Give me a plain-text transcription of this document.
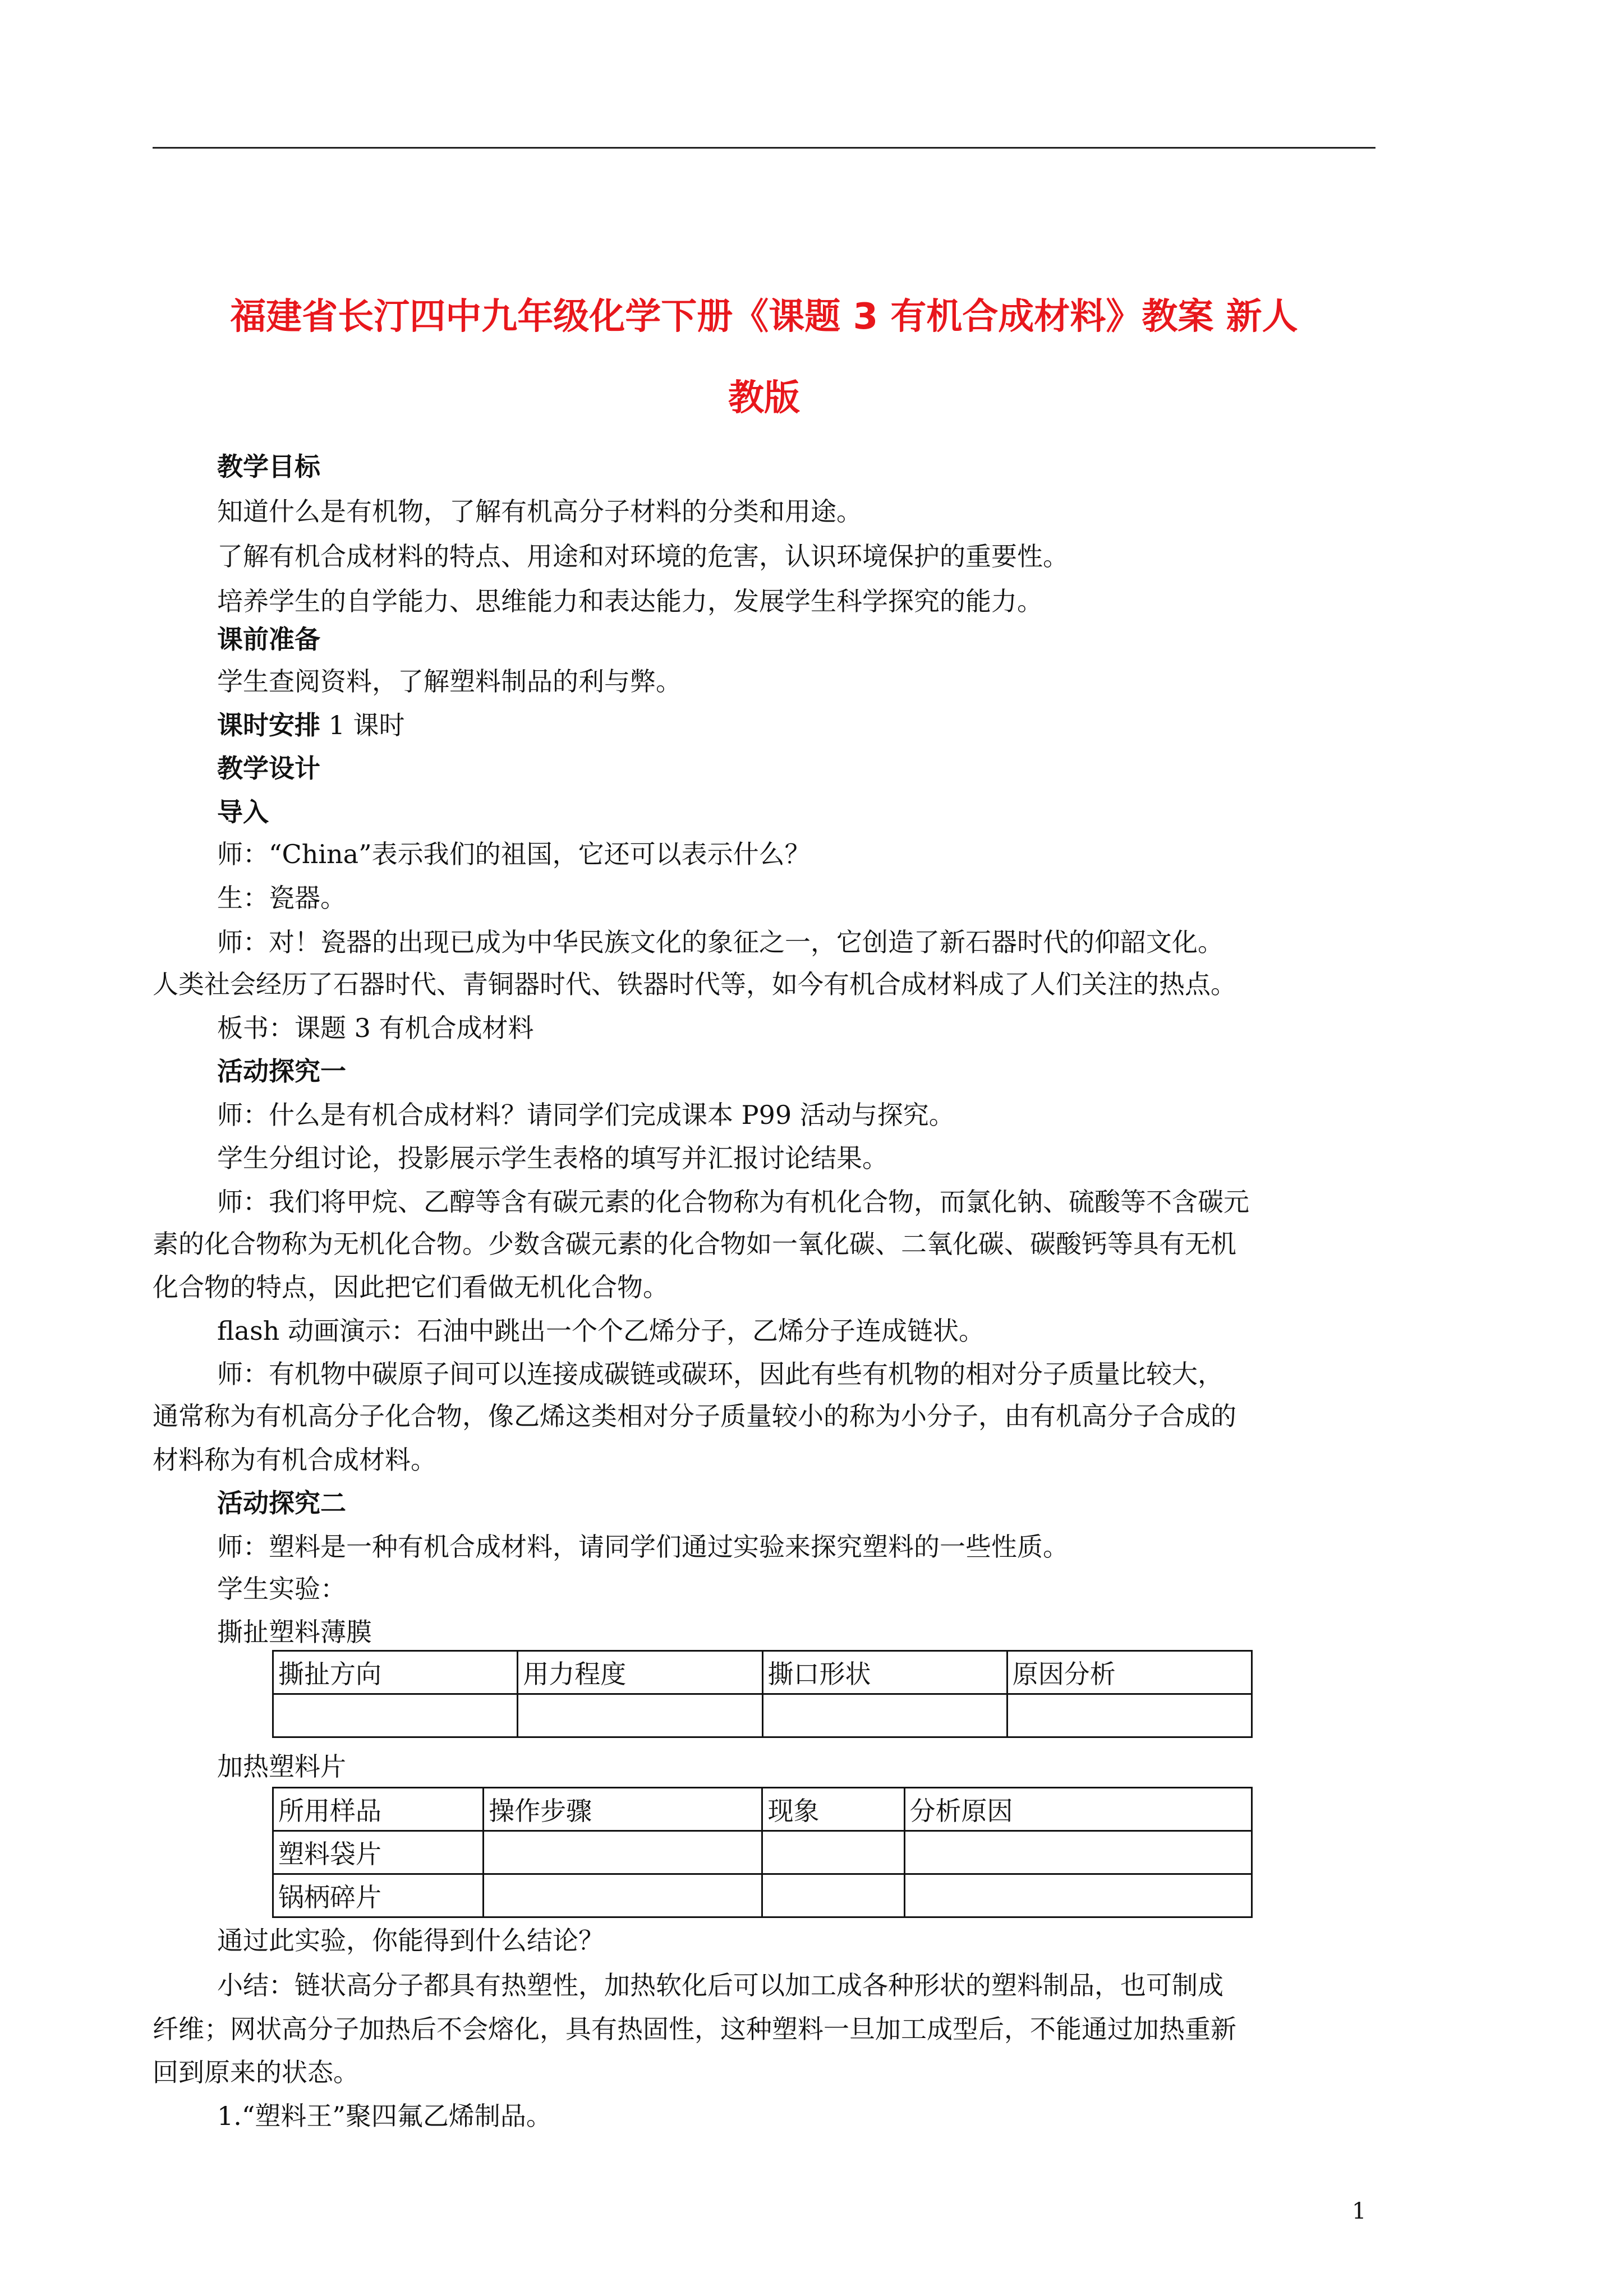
福建省长汀四中九年级化学下册《课题 3 有机合成材料》教案 新人
教版
教学目标
知道什么是有机物，了解有机高分子材料的分类和用途。
了解有机合成材料的特点、用途和对环境的危害，认识环境保护的重要性。
培养学生的自学能力、思维能力和表达能力，发展学生科学探究的能力。
课前准备
学生查阅资料，了解塑料制品的利与弊。
课时安排 1 课时
教学设计
导入
师：“China”表示我们的祖国，它还可以表示什么？
生：瓷器。
师：对！瓷器的出现已成为中华民族文化的象征之一，它创造了新石器时代的仰韶文化。
人类社会经历了石器时代、青铜器时代、铁器时代等，如今有机合成材料成了人们关注的热点。
板书：课题 3 有机合成材料
活动探究一
师：什么是有机合成材料？请同学们完成课本 P99 活动与探究。
学生分组讨论，投影展示学生表格的填写并汇报讨论结果。
师：我们将甲烷、乙醇等含有碳元素的化合物称为有机化合物，而氯化钠、硫酸等不含碳元
素的化合物称为无机化合物。少数含碳元素的化合物如一氧化碳、二氧化碳、碳酸钙等具有无机
化合物的特点，因此把它们看做无机化合物。
flash 动画演示：石油中跳出一个个乙烯分子，乙烯分子连成链状。
师：有机物中碳原子间可以连接成碳链或碳环，因此有些有机物的相对分子质量比较大，
通常称为有机高分子化合物，像乙烯这类相对分子质量较小的称为小分子，由有机高分子合成的
材料称为有机合成材料。
活动探究二
师：塑料是一种有机合成材料，请同学们通过实验来探究塑料的一些性质。
学生实验：
撕扯塑料薄膜
撕扯方向	用力程度	撕口形状	原因分析

加热塑料片
所用样品	操作步骤	现象	分析原因
塑料袋片			
锅柄碎片			
通过此实验，你能得到什么结论？
小结：链状高分子都具有热塑性，加热软化后可以加工成各种形状的塑料制品，也可制成
纤维；网状高分子加热后不会熔化，具有热固性，这种塑料一旦加工成型后，不能通过加热重新
回到原来的状态。
1.“塑料王”聚四氟乙烯制品。
1
